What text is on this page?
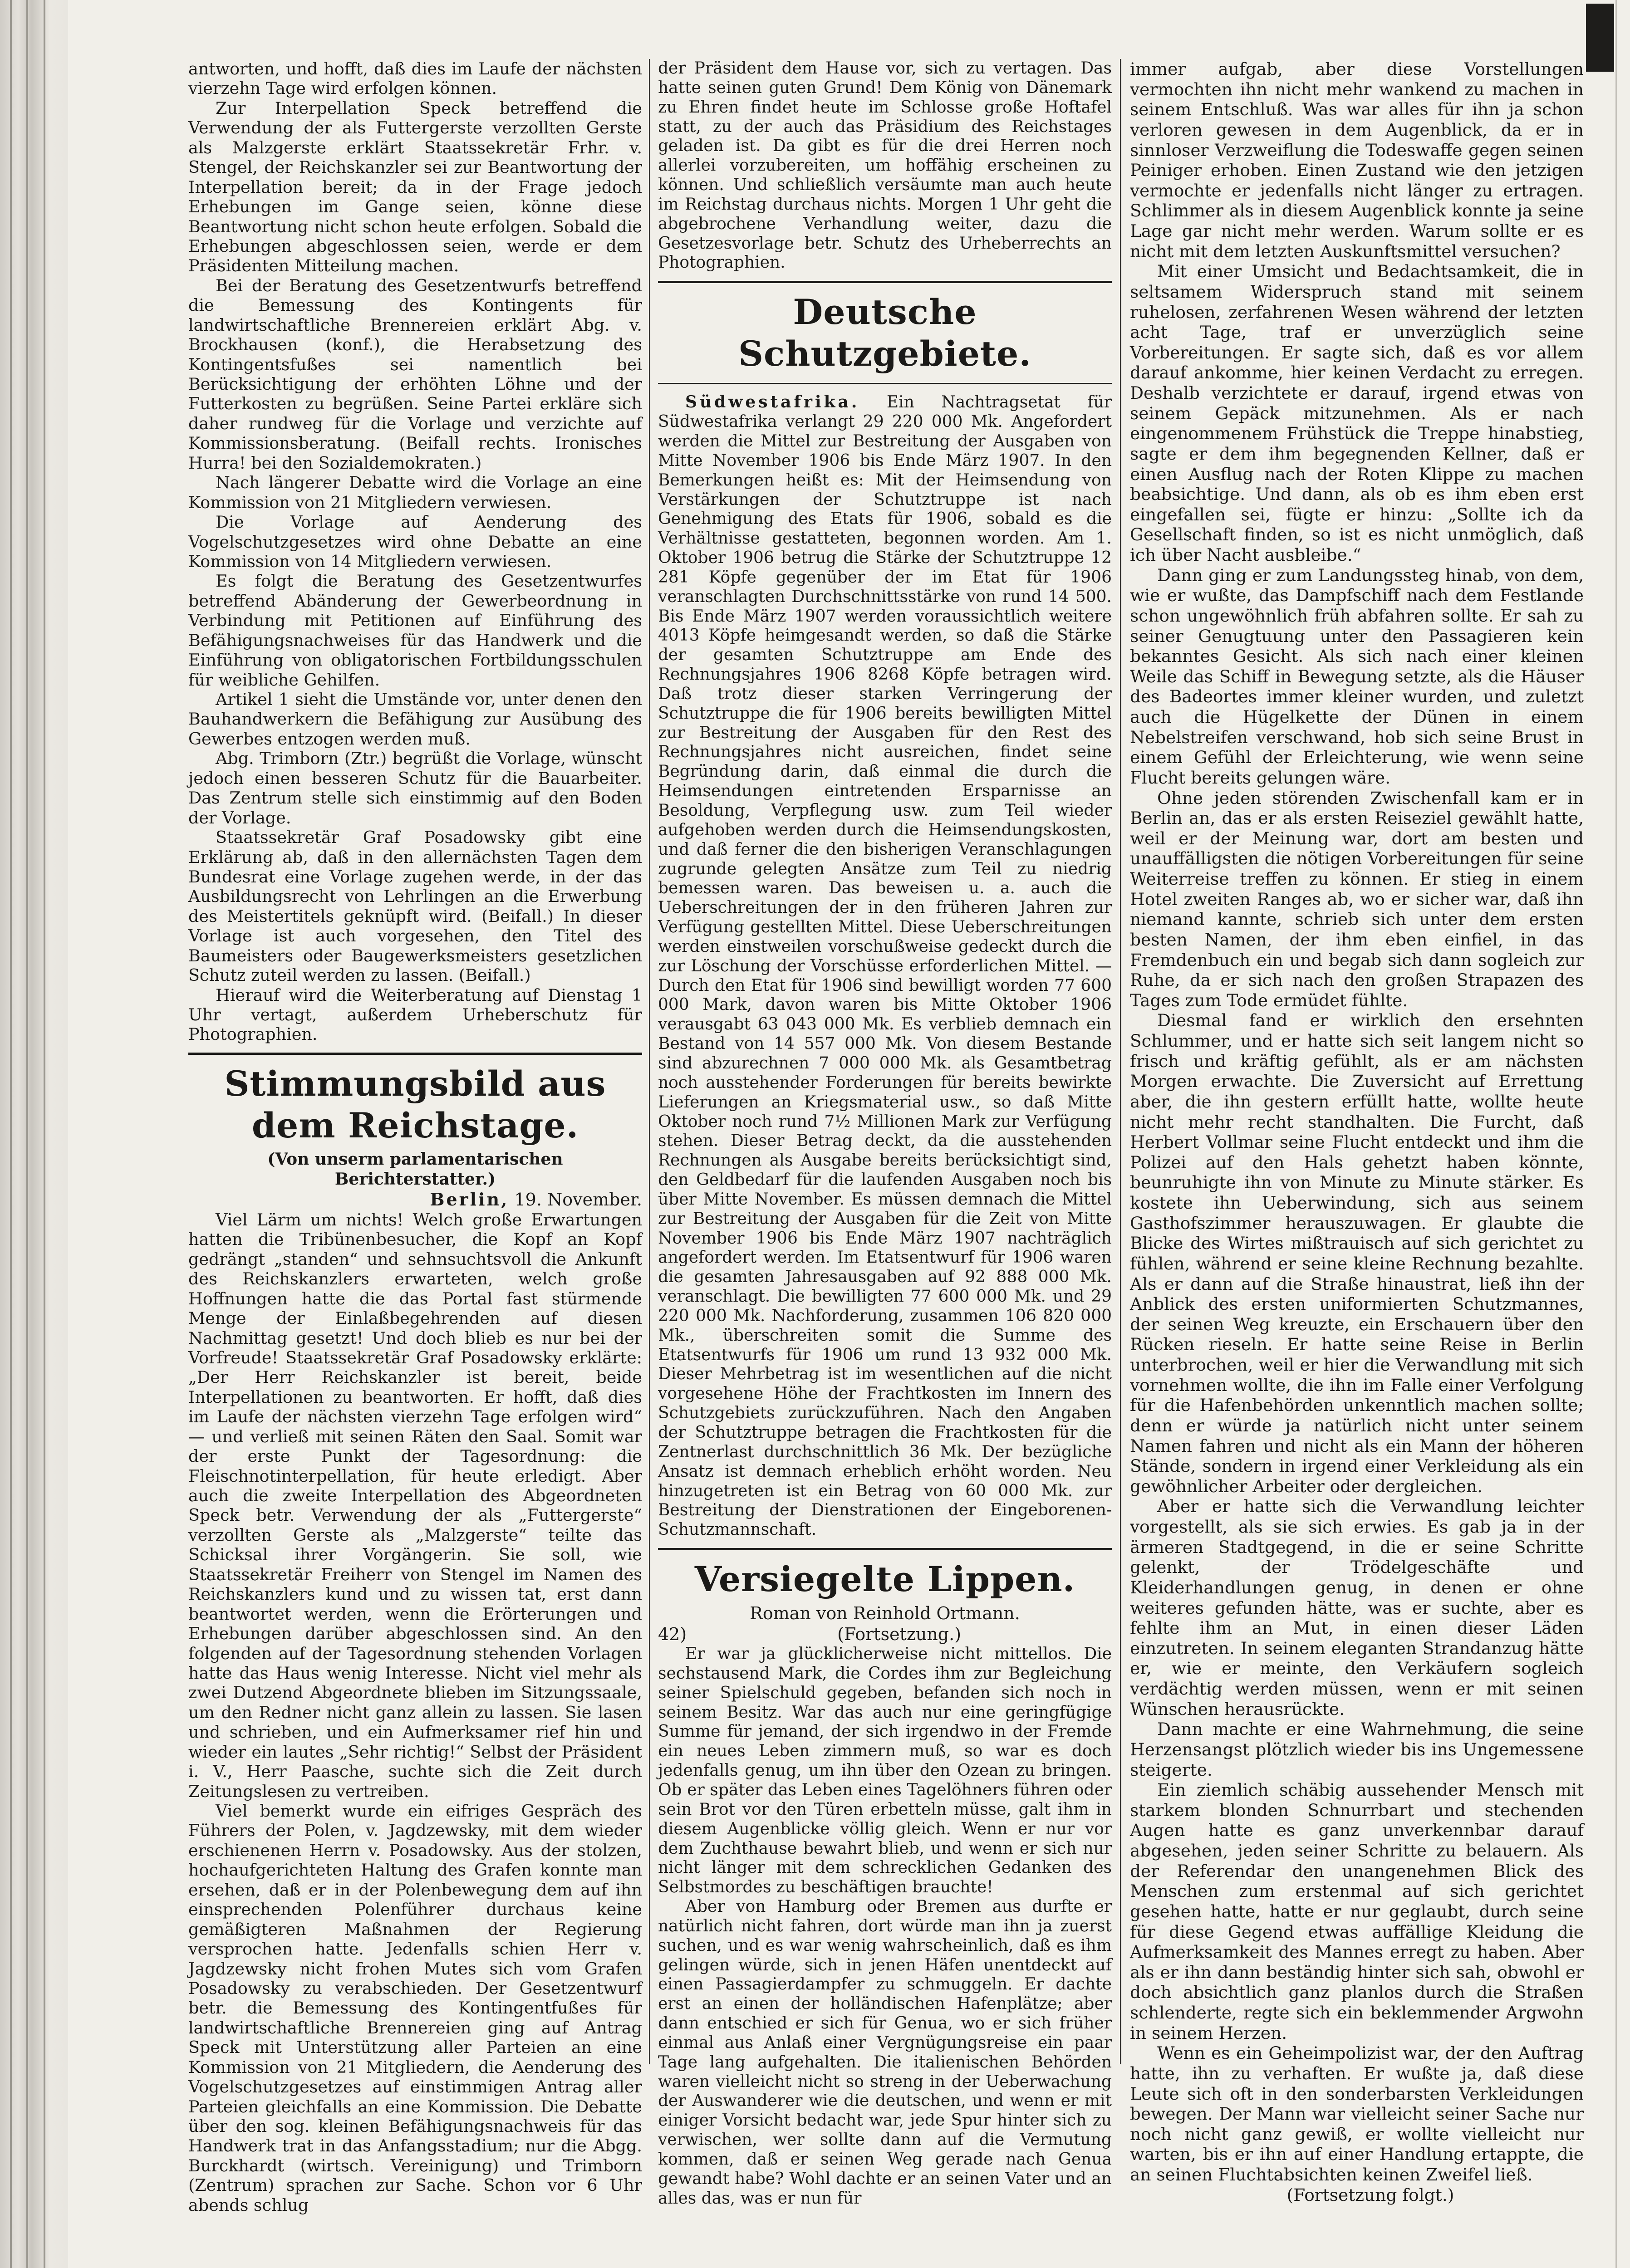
antworten, und hofft, daß dies im Laufe der nächsten vierzehn Tage wird erfolgen können.

Zur Interpellation Speck betreffend die Verwendung der als Futtergerste verzollten Gerste als Malzgerste erklärt Staatssekretär Frhr. v. Stengel, der Reichskanzler sei zur Beantwortung der Interpellation bereit; da in der Frage jedoch Erhebungen im Gange seien, könne diese Beantwortung nicht schon heute erfolgen. Sobald die Erhebungen abgeschlossen seien, werde er dem Präsidenten Mitteilung machen.

Bei der Beratung des Gesetzentwurfs betreffend die Bemessung des Kontingents für landwirtschaftliche Brennereien erklärt Abg. v. Brockhausen (konf.), die Herabsetzung des Kontingentsfußes sei namentlich bei Berücksichtigung der erhöhten Löhne und der Futterkosten zu begrüßen. Seine Partei erkläre sich daher rundweg für die Vorlage und verzichte auf Kommissionsberatung. (Beifall rechts. Ironisches Hurra! bei den Sozialdemokraten.)

Nach längerer Debatte wird die Vorlage an eine Kommission von 21 Mitgliedern verwiesen.

Die Vorlage auf Aenderung des Vogelschutzgesetzes wird ohne Debatte an eine Kommission von 14 Mitgliedern verwiesen.

Es folgt die Beratung des Gesetzentwurfes betreffend Abänderung der Gewerbeordnung in Verbindung mit Petitionen auf Einführung des Befähigungsnachweises für das Handwerk und die Einführung von obligatorischen Fortbildungsschulen für weibliche Gehilfen.

Artikel 1 sieht die Umstände vor, unter denen den Bauhandwerkern die Befähigung zur Ausübung des Gewerbes entzogen werden muß.

Abg. Trimborn (Ztr.) begrüßt die Vorlage, wünscht jedoch einen besseren Schutz für die Bauarbeiter. Das Zentrum stelle sich einstimmig auf den Boden der Vorlage.

Staatssekretär Graf Posadowsky gibt eine Erklärung ab, daß in den allernächsten Tagen dem Bundesrat eine Vorlage zugehen werde, in der das Ausbildungsrecht von Lehrlingen an die Erwerbung des Meistertitels geknüpft wird. (Beifall.) In dieser Vorlage ist auch vorgesehen, den Titel des Baumeisters oder Baugewerksmeisters gesetzlichen Schutz zuteil werden zu lassen. (Beifall.)

Hierauf wird die Weiterberatung auf Dienstag 1 Uhr vertagt, außerdem Urheberschutz für Photographien.

Stimmungsbild aus dem Reichstage.
(Von unserm parlamentarischen Berichterstatter.)
Berlin, 19. November.

Viel Lärm um nichts! Welch große Erwartungen hatten die Tribünenbesucher, die Kopf an Kopf gedrängt „standen“ und sehnsuchtsvoll die Ankunft des Reichskanzlers erwarteten, welch große Hoffnungen hatte die das Portal fast stürmende Menge der Einlaßbegehrenden auf diesen Nachmittag gesetzt! Und doch blieb es nur bei der Vorfreude! Staatssekretär Graf Posadowsky erklärte: „Der Herr Reichskanzler ist bereit, beide Interpellationen zu beantworten. Er hofft, daß dies im Laufe der nächsten vierzehn Tage erfolgen wird“ — und verließ mit seinen Räten den Saal. Somit war der erste Punkt der Tagesordnung: die Fleischnotinterpellation, für heute erledigt. Aber auch die zweite Interpellation des Abgeordneten Speck betr. Verwendung der als „Futtergerste“ verzollten Gerste als „Malzgerste“ teilte das Schicksal ihrer Vorgängerin. Sie soll, wie Staatssekretär Freiherr von Stengel im Namen des Reichskanzlers kund und zu wissen tat, erst dann beantwortet werden, wenn die Erörterungen und Erhebungen darüber abgeschlossen sind. An den folgenden auf der Tagesordnung stehenden Vorlagen hatte das Haus wenig Interesse. Nicht viel mehr als zwei Dutzend Abgeordnete blieben im Sitzungssaale, um den Redner nicht ganz allein zu lassen. Sie lasen und schrieben, und ein Aufmerksamer rief hin und wieder ein lautes „Sehr richtig!“ Selbst der Präsident i. V., Herr Paasche, suchte sich die Zeit durch Zeitungslesen zu vertreiben.

Viel bemerkt wurde ein eifriges Gespräch des Führers der Polen, v. Jagdzewsky, mit dem wieder erschienenen Herrn v. Posadowsky. Aus der stolzen, hochaufgerichteten Haltung des Grafen konnte man ersehen, daß er in der Polenbewegung dem auf ihn einsprechenden Polenführer durchaus keine gemäßigteren Maßnahmen der Regierung versprochen hatte. Jedenfalls schien Herr v. Jagdzewsky nicht frohen Mutes sich vom Grafen Posadowsky zu verabschieden. Der Gesetzentwurf betr. die Bemessung des Kontingentfußes für landwirtschaftliche Brennereien ging auf Antrag Speck mit Unterstützung aller Parteien an eine Kommission von 21 Mitgliedern, die Aenderung des Vogelschutzgesetzes auf einstimmigen Antrag aller Parteien gleichfalls an eine Kommission. Die Debatte über den sog. kleinen Befähigungsnachweis für das Handwerk trat in das Anfangsstadium; nur die Abgg. Burckhardt (wirtsch. Vereinigung) und Trimborn (Zentrum) sprachen zur Sache. Schon vor 6 Uhr abends schlug

der Präsident dem Hause vor, sich zu vertagen. Das hatte seinen guten Grund! Dem König von Dänemark zu Ehren findet heute im Schlosse große Hoftafel statt, zu der auch das Präsidium des Reichstages geladen ist. Da gibt es für die drei Herren noch allerlei vorzubereiten, um hoffähig erscheinen zu können. Und schließlich versäumte man auch heute im Reichstag durchaus nichts. Morgen 1 Uhr geht die abgebrochene Verhandlung weiter, dazu die Gesetzesvorlage betr. Schutz des Urheberrechts an Photographien.

Deutsche Schutzgebiete.

Südwestafrika. Ein Nachtragsetat für Südwestafrika verlangt 29 220 000 Mk. Angefordert werden die Mittel zur Bestreitung der Ausgaben von Mitte November 1906 bis Ende März 1907. In den Bemerkungen heißt es: Mit der Heimsendung von Verstärkungen der Schutztruppe ist nach Genehmigung des Etats für 1906, sobald es die Verhältnisse gestatteten, begonnen worden. Am 1. Oktober 1906 betrug die Stärke der Schutztruppe 12 281 Köpfe gegenüber der im Etat für 1906 veranschlagten Durchschnittsstärke von rund 14 500. Bis Ende März 1907 werden voraussichtlich weitere 4013 Köpfe heimgesandt werden, so daß die Stärke der gesamten Schutztruppe am Ende des Rechnungsjahres 1906 8268 Köpfe betragen wird. Daß trotz dieser starken Verringerung der Schutztruppe die für 1906 bereits bewilligten Mittel zur Bestreitung der Ausgaben für den Rest des Rechnungsjahres nicht ausreichen, findet seine Begründung darin, daß einmal die durch die Heimsendungen eintretenden Ersparnisse an Besoldung, Verpflegung usw. zum Teil wieder aufgehoben werden durch die Heimsendungskosten, und daß ferner die den bisherigen Veranschlagungen zugrunde gelegten Ansätze zum Teil zu niedrig bemessen waren. Das beweisen u. a. auch die Ueberschreitungen der in den früheren Jahren zur Verfügung gestellten Mittel. Diese Ueberschreitungen werden einstweilen vorschußweise gedeckt durch die zur Löschung der Vorschüsse erforderlichen Mittel. — Durch den Etat für 1906 sind bewilligt worden 77 600 000 Mark, davon waren bis Mitte Oktober 1906 verausgabt 63 043 000 Mk. Es verblieb demnach ein Bestand von 14 557 000 Mk. Von diesem Bestande sind abzurechnen 7 000 000 Mk. als Gesamtbetrag noch ausstehender Forderungen für bereits bewirkte Lieferungen an Kriegsmaterial usw., so daß Mitte Oktober noch rund 7½ Millionen Mark zur Verfügung stehen. Dieser Betrag deckt, da die ausstehenden Rechnungen als Ausgabe bereits berücksichtigt sind, den Geldbedarf für die laufenden Ausgaben noch bis über Mitte November. Es müssen demnach die Mittel zur Bestreitung der Ausgaben für die Zeit von Mitte November 1906 bis Ende März 1907 nachträglich angefordert werden. Im Etatsentwurf für 1906 waren die gesamten Jahresausgaben auf 92 888 000 Mk. veranschlagt. Die bewilligten 77 600 000 Mk. und 29 220 000 Mk. Nachforderung, zusammen 106 820 000 Mk., überschreiten somit die Summe des Etatsentwurfs für 1906 um rund 13 932 000 Mk. Dieser Mehrbetrag ist im wesentlichen auf die nicht vorgesehene Höhe der Frachtkosten im Innern des Schutzgebiets zurückzuführen. Nach den Angaben der Schutztruppe betragen die Frachtkosten für die Zentnerlast durchschnittlich 36 Mk. Der bezügliche Ansatz ist demnach erheblich erhöht worden. Neu hinzugetreten ist ein Betrag von 60 000 Mk. zur Bestreitung der Dienstrationen der Eingeborenen-Schutzmannschaft.

Versiegelte Lippen.
Roman von Reinhold Ortmann.
42)	(Fortsetzung.)

Er war ja glücklicherweise nicht mittellos. Die sechstausend Mark, die Cordes ihm zur Begleichung seiner Spielschuld gegeben, befanden sich noch in seinem Besitz. War das auch nur eine geringfügige Summe für jemand, der sich irgendwo in der Fremde ein neues Leben zimmern muß, so war es doch jedenfalls genug, um ihn über den Ozean zu bringen. Ob er später das Leben eines Tagelöhners führen oder sein Brot vor den Türen erbetteln müsse, galt ihm in diesem Augenblicke völlig gleich. Wenn er nur vor dem Zuchthause bewahrt blieb, und wenn er sich nur nicht länger mit dem schrecklichen Gedanken des Selbstmordes zu beschäftigen brauchte!

Aber von Hamburg oder Bremen aus durfte er natürlich nicht fahren, dort würde man ihn ja zuerst suchen, und es war wenig wahrscheinlich, daß es ihm gelingen würde, sich in jenen Häfen unentdeckt auf einen Passagierdampfer zu schmuggeln. Er dachte erst an einen der holländischen Hafenplätze; aber dann entschied er sich für Genua, wo er sich früher einmal aus Anlaß einer Vergnügungsreise ein paar Tage lang aufgehalten. Die italienischen Behörden waren vielleicht nicht so streng in der Ueberwachung der Auswanderer wie die deutschen, und wenn er mit einiger Vorsicht bedacht war, jede Spur hinter sich zu verwischen, wer sollte dann auf die Vermutung kommen, daß er seinen Weg gerade nach Genua gewandt habe? Wohl dachte er an seinen Vater und an alles das, was er nun für

immer aufgab, aber diese Vorstellungen vermochten ihn nicht mehr wankend zu machen in seinem Entschluß. Was war alles für ihn ja schon verloren gewesen in dem Augenblick, da er in sinnloser Verzweiflung die Todeswaffe gegen seinen Peiniger erhoben. Einen Zustand wie den jetzigen vermochte er jedenfalls nicht länger zu ertragen. Schlimmer als in diesem Augenblick konnte ja seine Lage gar nicht mehr werden. Warum sollte er es nicht mit dem letzten Auskunftsmittel versuchen?

Mit einer Umsicht und Bedachtsamkeit, die in seltsamem Widerspruch stand mit seinem ruhelosen, zerfahrenen Wesen während der letzten acht Tage, traf er unverzüglich seine Vorbereitungen. Er sagte sich, daß es vor allem darauf ankomme, hier keinen Verdacht zu erregen. Deshalb verzichtete er darauf, irgend etwas von seinem Gepäck mitzunehmen. Als er nach eingenommenem Frühstück die Treppe hinabstieg, sagte er dem ihm begegnenden Kellner, daß er einen Ausflug nach der Roten Klippe zu machen beabsichtige. Und dann, als ob es ihm eben erst eingefallen sei, fügte er hinzu: „Sollte ich da Gesellschaft finden, so ist es nicht unmöglich, daß ich über Nacht ausbleibe.“

Dann ging er zum Landungssteg hinab, von dem, wie er wußte, das Dampfschiff nach dem Festlande schon ungewöhnlich früh abfahren sollte. Er sah zu seiner Genugtuung unter den Passagieren kein bekanntes Gesicht. Als sich nach einer kleinen Weile das Schiff in Bewegung setzte, als die Häuser des Badeortes immer kleiner wurden, und zuletzt auch die Hügelkette der Dünen in einem Nebelstreifen verschwand, hob sich seine Brust in einem Gefühl der Erleichterung, wie wenn seine Flucht bereits gelungen wäre.

Ohne jeden störenden Zwischenfall kam er in Berlin an, das er als ersten Reiseziel gewählt hatte, weil er der Meinung war, dort am besten und unauffälligsten die nötigen Vorbereitungen für seine Weiterreise treffen zu können. Er stieg in einem Hotel zweiten Ranges ab, wo er sicher war, daß ihn niemand kannte, schrieb sich unter dem ersten besten Namen, der ihm eben einfiel, in das Fremdenbuch ein und begab sich dann sogleich zur Ruhe, da er sich nach den großen Strapazen des Tages zum Tode ermüdet fühlte.

Diesmal fand er wirklich den ersehnten Schlummer, und er hatte sich seit langem nicht so frisch und kräftig gefühlt, als er am nächsten Morgen erwachte. Die Zuversicht auf Errettung aber, die ihn gestern erfüllt hatte, wollte heute nicht mehr recht standhalten. Die Furcht, daß Herbert Vollmar seine Flucht entdeckt und ihm die Polizei auf den Hals gehetzt haben könnte, beunruhigte ihn von Minute zu Minute stärker. Es kostete ihn Ueberwindung, sich aus seinem Gasthofszimmer herauszuwagen. Er glaubte die Blicke des Wirtes mißtrauisch auf sich gerichtet zu fühlen, während er seine kleine Rechnung bezahlte. Als er dann auf die Straße hinaustrat, ließ ihn der Anblick des ersten uniformierten Schutzmannes, der seinen Weg kreuzte, ein Erschauern über den Rücken rieseln. Er hatte seine Reise in Berlin unterbrochen, weil er hier die Verwandlung mit sich vornehmen wollte, die ihn im Falle einer Verfolgung für die Hafenbehörden unkenntlich machen sollte; denn er würde ja natürlich nicht unter seinem Namen fahren und nicht als ein Mann der höheren Stände, sondern in irgend einer Verkleidung als ein gewöhnlicher Arbeiter oder dergleichen.

Aber er hatte sich die Verwandlung leichter vorgestellt, als sie sich erwies. Es gab ja in der ärmeren Stadtgegend, in die er seine Schritte gelenkt, der Trödelgeschäfte und Kleiderhandlungen genug, in denen er ohne weiteres gefunden hätte, was er suchte, aber es fehlte ihm an Mut, in einen dieser Läden einzutreten. In seinem eleganten Strandanzug hätte er, wie er meinte, den Verkäufern sogleich verdächtig werden müssen, wenn er mit seinen Wünschen herausrückte.

Dann machte er eine Wahrnehmung, die seine Herzensangst plötzlich wieder bis ins Ungemessene steigerte.

Ein ziemlich schäbig aussehender Mensch mit starkem blonden Schnurrbart und stechenden Augen hatte es ganz unverkennbar darauf abgesehen, jeden seiner Schritte zu belauern. Als der Referendar den unangenehmen Blick des Menschen zum erstenmal auf sich gerichtet gesehen hatte, hatte er nur geglaubt, durch seine für diese Gegend etwas auffällige Kleidung die Aufmerksamkeit des Mannes erregt zu haben. Aber als er ihn dann beständig hinter sich sah, obwohl er doch absichtlich ganz planlos durch die Straßen schlenderte, regte sich ein beklemmender Argwohn in seinem Herzen.

Wenn es ein Geheimpolizist war, der den Auftrag hatte, ihn zu verhaften. Er wußte ja, daß diese Leute sich oft in den sonderbarsten Verkleidungen bewegen. Der Mann war vielleicht seiner Sache nur noch nicht ganz gewiß, er wollte vielleicht nur warten, bis er ihn auf einer Handlung ertappte, die an seinen Fluchtabsichten keinen Zweifel ließ.

(Fortsetzung folgt.)
